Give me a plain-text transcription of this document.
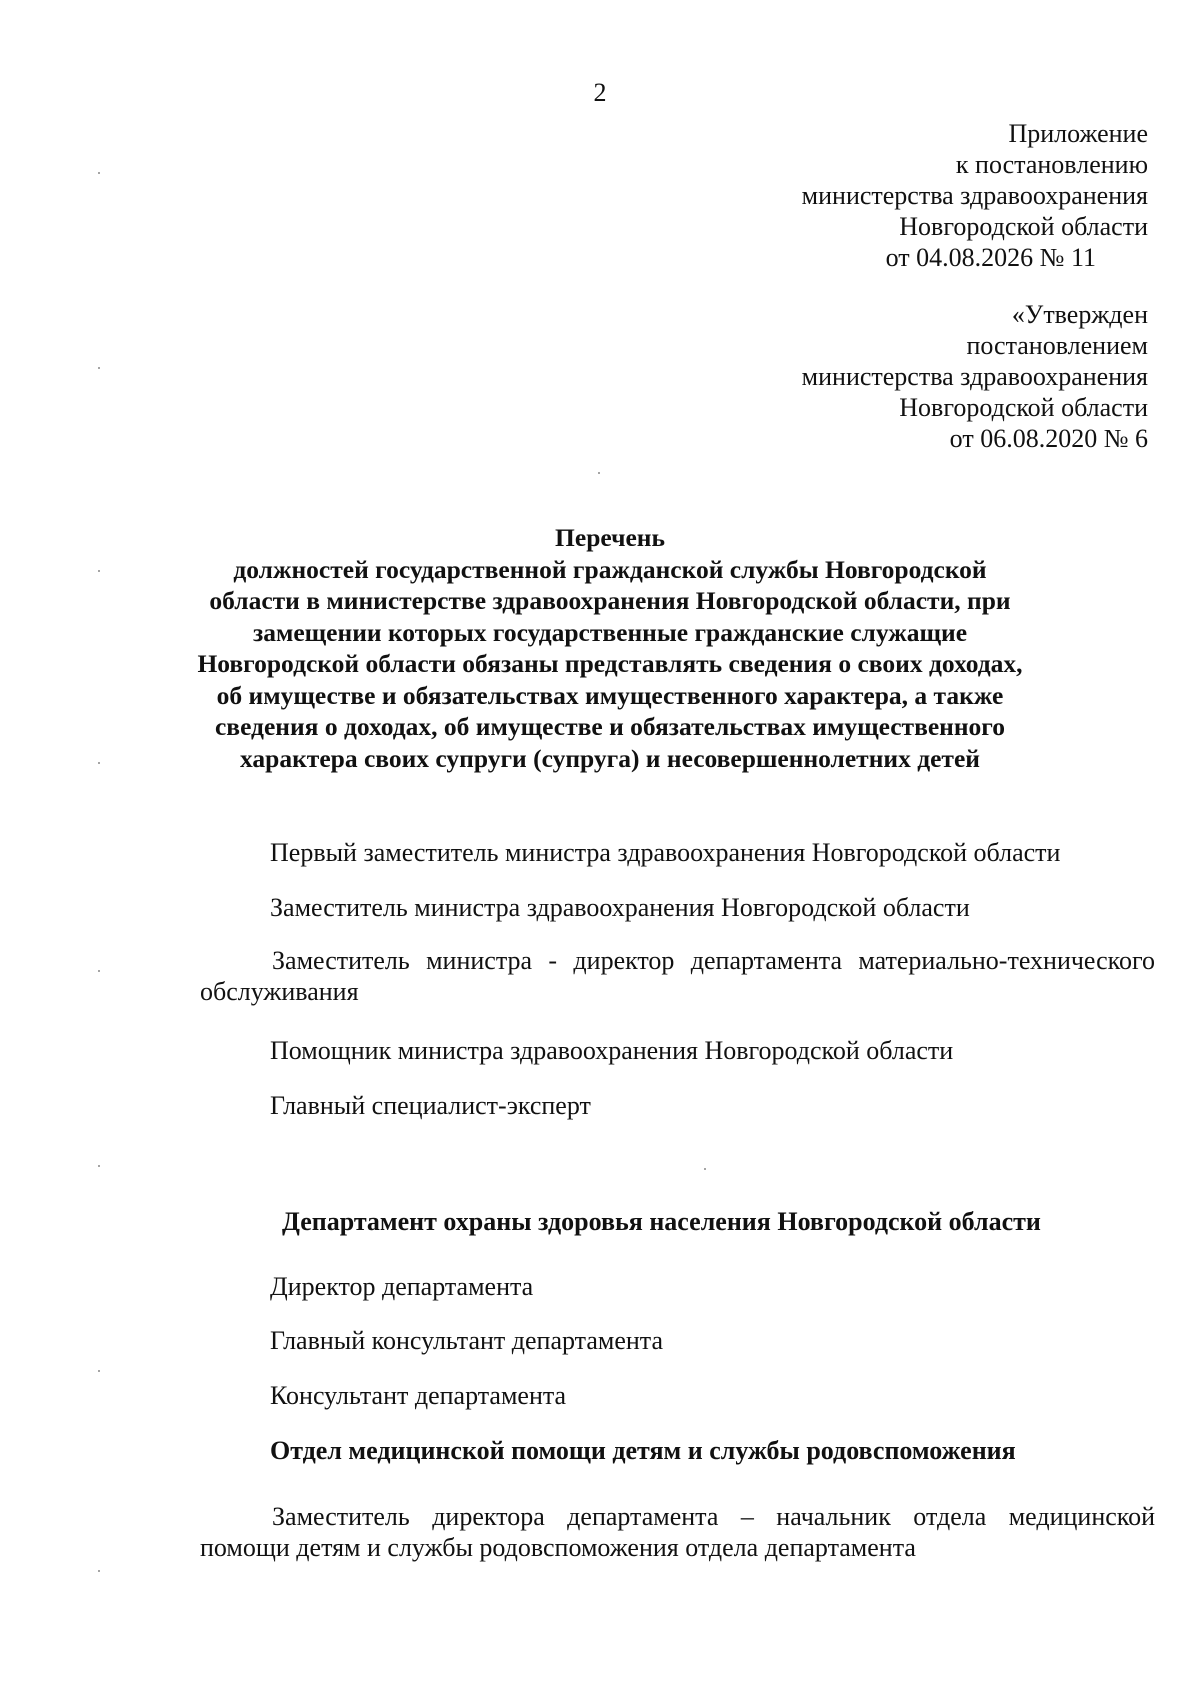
2
Приложение
к постановлению
министерства здравоохранения
Новгородской области
от 04.08.2026 № 11
«Утвержден
постановлением
министерства здравоохранения
Новгородской области
от 06.08.2020 № 6
Перечень
должностей государственной гражданской службы Новгородской
области в министерстве здравоохранения Новгородской области, при
замещении которых государственные гражданские служащие
Новгородской области обязаны представлять сведения о своих доходах,
об имуществе и обязательствах имущественного характера, а также
сведения о доходах, об имуществе и обязательствах имущественного
характера своих супруги (супруга) и несовершеннолетних детей
Первый заместитель министра здравоохранения Новгородской области
Заместитель министра здравоохранения Новгородской области
Заместитель министра - директор департамента материально-технического обслуживания
Помощник министра здравоохранения Новгородской области
Главный специалист-эксперт
Департамент охраны здоровья населения Новгородской области
Директор департамента
Главный консультант департамента
Консультант департамента
Отдел медицинской помощи детям и службы родовспоможения
Заместитель директора департамента – начальник отдела медицинской помощи детям и службы родовспоможения отдела департамента
